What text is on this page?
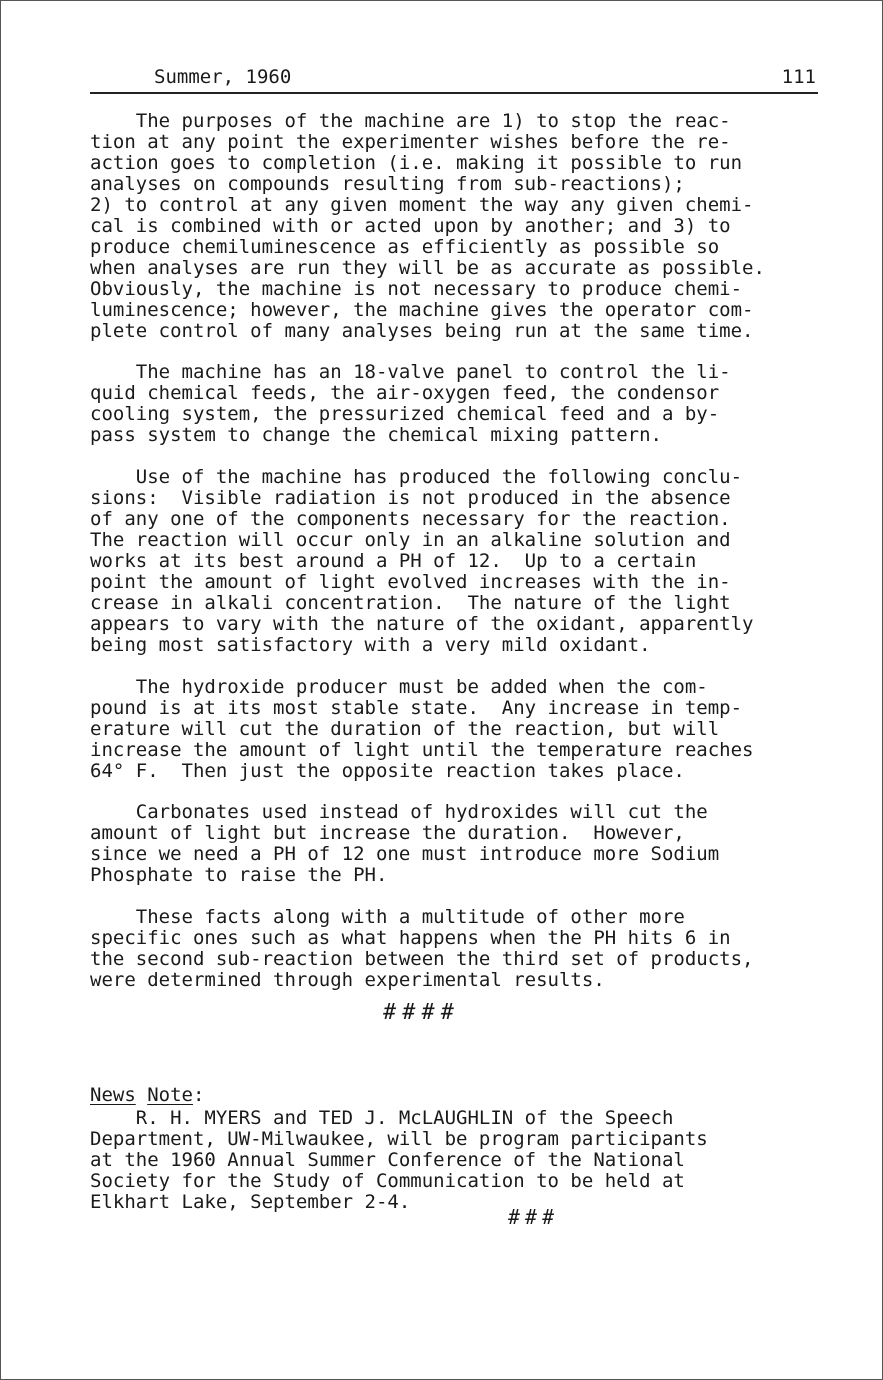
Summer, 1960	111

The purposes of the machine are 1) to stop the reac-
tion at any point the experimenter wishes before the re-
action goes to completion (i.e. making it possible to run
analyses on compounds resulting from sub-reactions);
2) to control at any given moment the way any given chemi-
cal is combined with or acted upon by another; and 3) to
produce chemiluminescence as efficiently as possible so
when analyses are run they will be as accurate as possible.
Obviously, the machine is not necessary to produce chemi-
luminescence; however, the machine gives the operator com-
plete control of many analyses being run at the same time.

The machine has an 18-valve panel to control the li-
quid chemical feeds, the air-oxygen feed, the condensor
cooling system, the pressurized chemical feed and a by-
pass system to change the chemical mixing pattern.

Use of the machine has produced the following conclu-
sions:  Visible radiation is not produced in the absence
of any one of the components necessary for the reaction.
The reaction will occur only in an alkaline solution and
works at its best around a PH of 12.  Up to a certain
point the amount of light evolved increases with the in-
crease in alkali concentration.  The nature of the light
appears to vary with the nature of the oxidant, apparently
being most satisfactory with a very mild oxidant.

The hydroxide producer must be added when the com-
pound is at its most stable state.  Any increase in temp-
erature will cut the duration of the reaction, but will
increase the amount of light until the temperature reaches
64° F.  Then just the opposite reaction takes place.

Carbonates used instead of hydroxides will cut the
amount of light but increase the duration.  However,
since we need a PH of 12 one must introduce more Sodium
Phosphate to raise the PH.

These facts along with a multitude of other more
specific ones such as what happens when the PH hits 6 in
the second sub-reaction between the third set of products,
were determined through experimental results.

####
News Note:

R. H. MYERS and TED J. McLAUGHLIN of the Speech
Department, UW-Milwaukee, will be program participants
at the 1960 Annual Summer Conference of the National
Society for the Study of Communication to be held at
Elkhart Lake, September 2-4.

###
